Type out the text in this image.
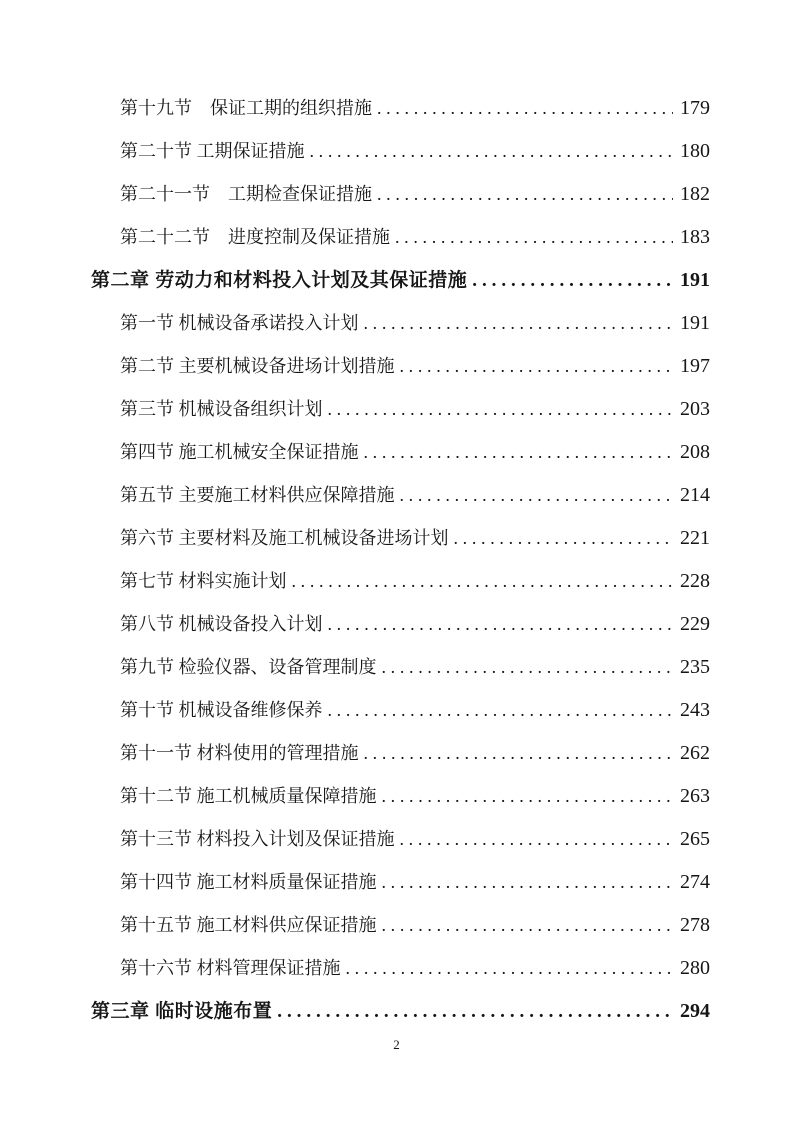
第十九节　保证工期的组织措施 .....	179
第二十节 工期保证措施 .....	180
第二十一节　工期检查保证措施 .....	182
第二十二节　进度控制及保证措施 .....	183
第二章 劳动力和材料投入计划及其保证措施 .....	191
第一节 机械设备承诺投入计划 .....	191
第二节 主要机械设备进场计划措施 .....	197
第三节 机械设备组织计划 .....	203
第四节 施工机械安全保证措施 .....	208
第五节 主要施工材料供应保障措施 .....	214
第六节 主要材料及施工机械设备进场计划 .....	221
第七节 材料实施计划 .....	228
第八节 机械设备投入计划 .....	229
第九节 检验仪器、设备管理制度 .....	235
第十节 机械设备维修保养 .....	243
第十一节 材料使用的管理措施 .....	262
第十二节 施工机械质量保障措施 .....	263
第十三节 材料投入计划及保证措施 .....	265
第十四节 施工材料质量保证措施 .....	274
第十五节 施工材料供应保证措施 .....	278
第十六节 材料管理保证措施 .....	280
第三章 临时设施布置 .....	294
2
